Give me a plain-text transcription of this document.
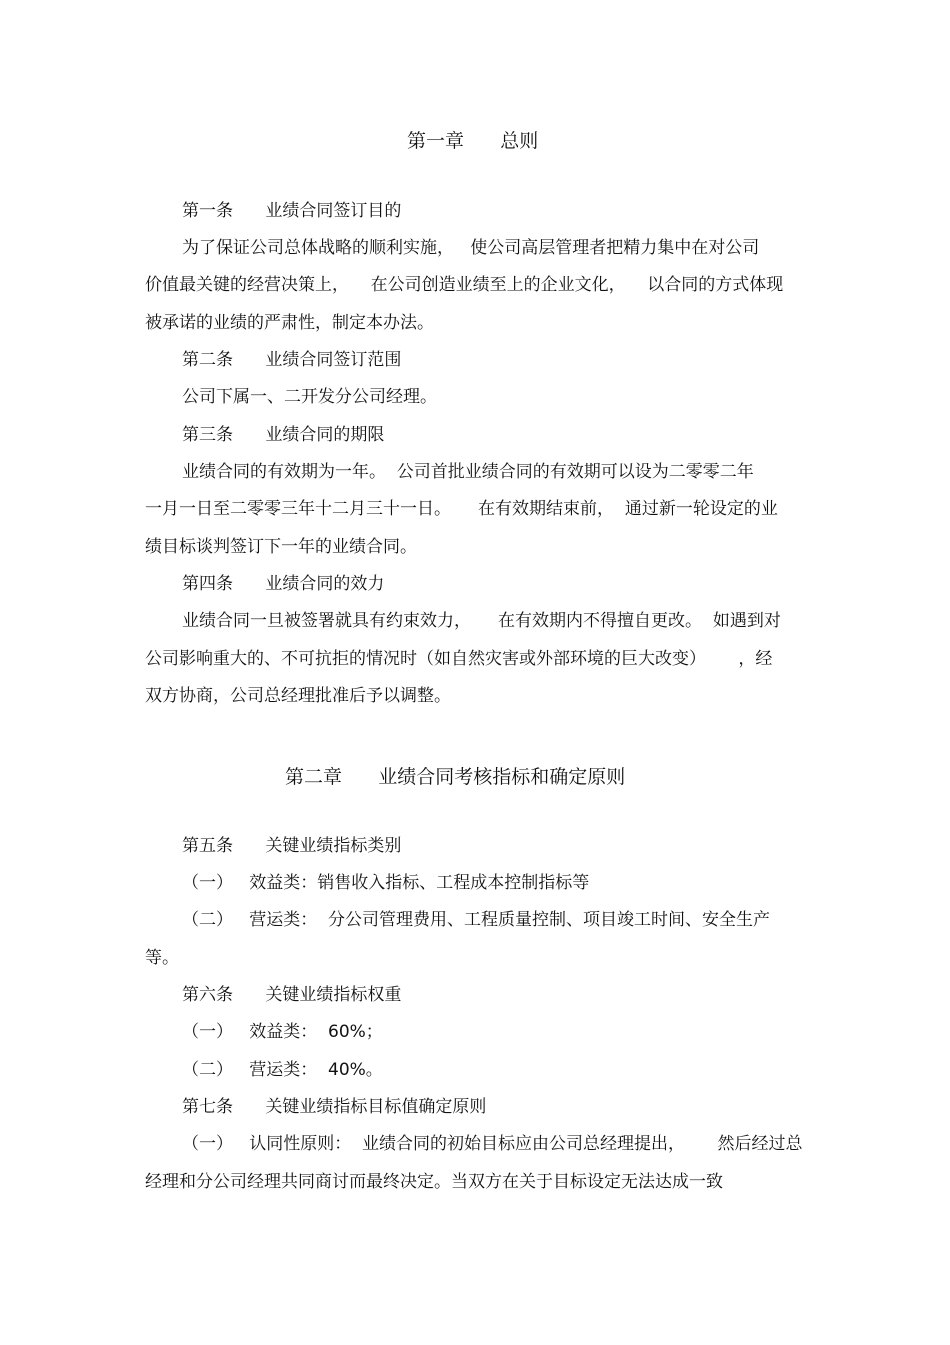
第一章      总则

第一条      业绩合同签订目的

为了保证公司总体战略的顺利实施，   使公司高层管理者把精力集中在对公司

价值最关键的经营决策上，    在公司创造业绩至上的企业文化，    以合同的方式体现

被承诺的业绩的严肃性，制定本办法。

第二条      业绩合同签订范围

公司下属一、二开发分公司经理。

第三条      业绩合同的期限

业绩合同的有效期为一年。  公司首批业绩合同的有效期可以设为二零零二年

一月一日至二零零三年十二月三十一日。     在有效期结束前，  通过新一轮设定的业

绩目标谈判签订下一年的业绩合同。

第四条      业绩合同的效力

业绩合同一旦被签署就具有约束效力，     在有效期内不得擅自更改。  如遇到对

公司影响重大的、不可抗拒的情况时（如自然灾害或外部环境的巨大改变）      ，经

双方协商，公司总经理批准后予以调整。

第二章      业绩合同考核指标和确定原则

第五条      关键业绩指标类别

（一）   效益类：销售收入指标、工程成本控制指标等

（二）   营运类：  分公司管理费用、工程质量控制、项目竣工时间、安全生产

等。

第六条      关键业绩指标权重

（一）   效益类：  60%；

（二）   营运类：  40%。

第七条      关键业绩指标目标值确定原则

（一）   认同性原则：  业绩合同的初始目标应由公司总经理提出，      然后经过总

经理和分公司经理共同商讨而最终决定。当双方在关于目标设定无法达成一致
